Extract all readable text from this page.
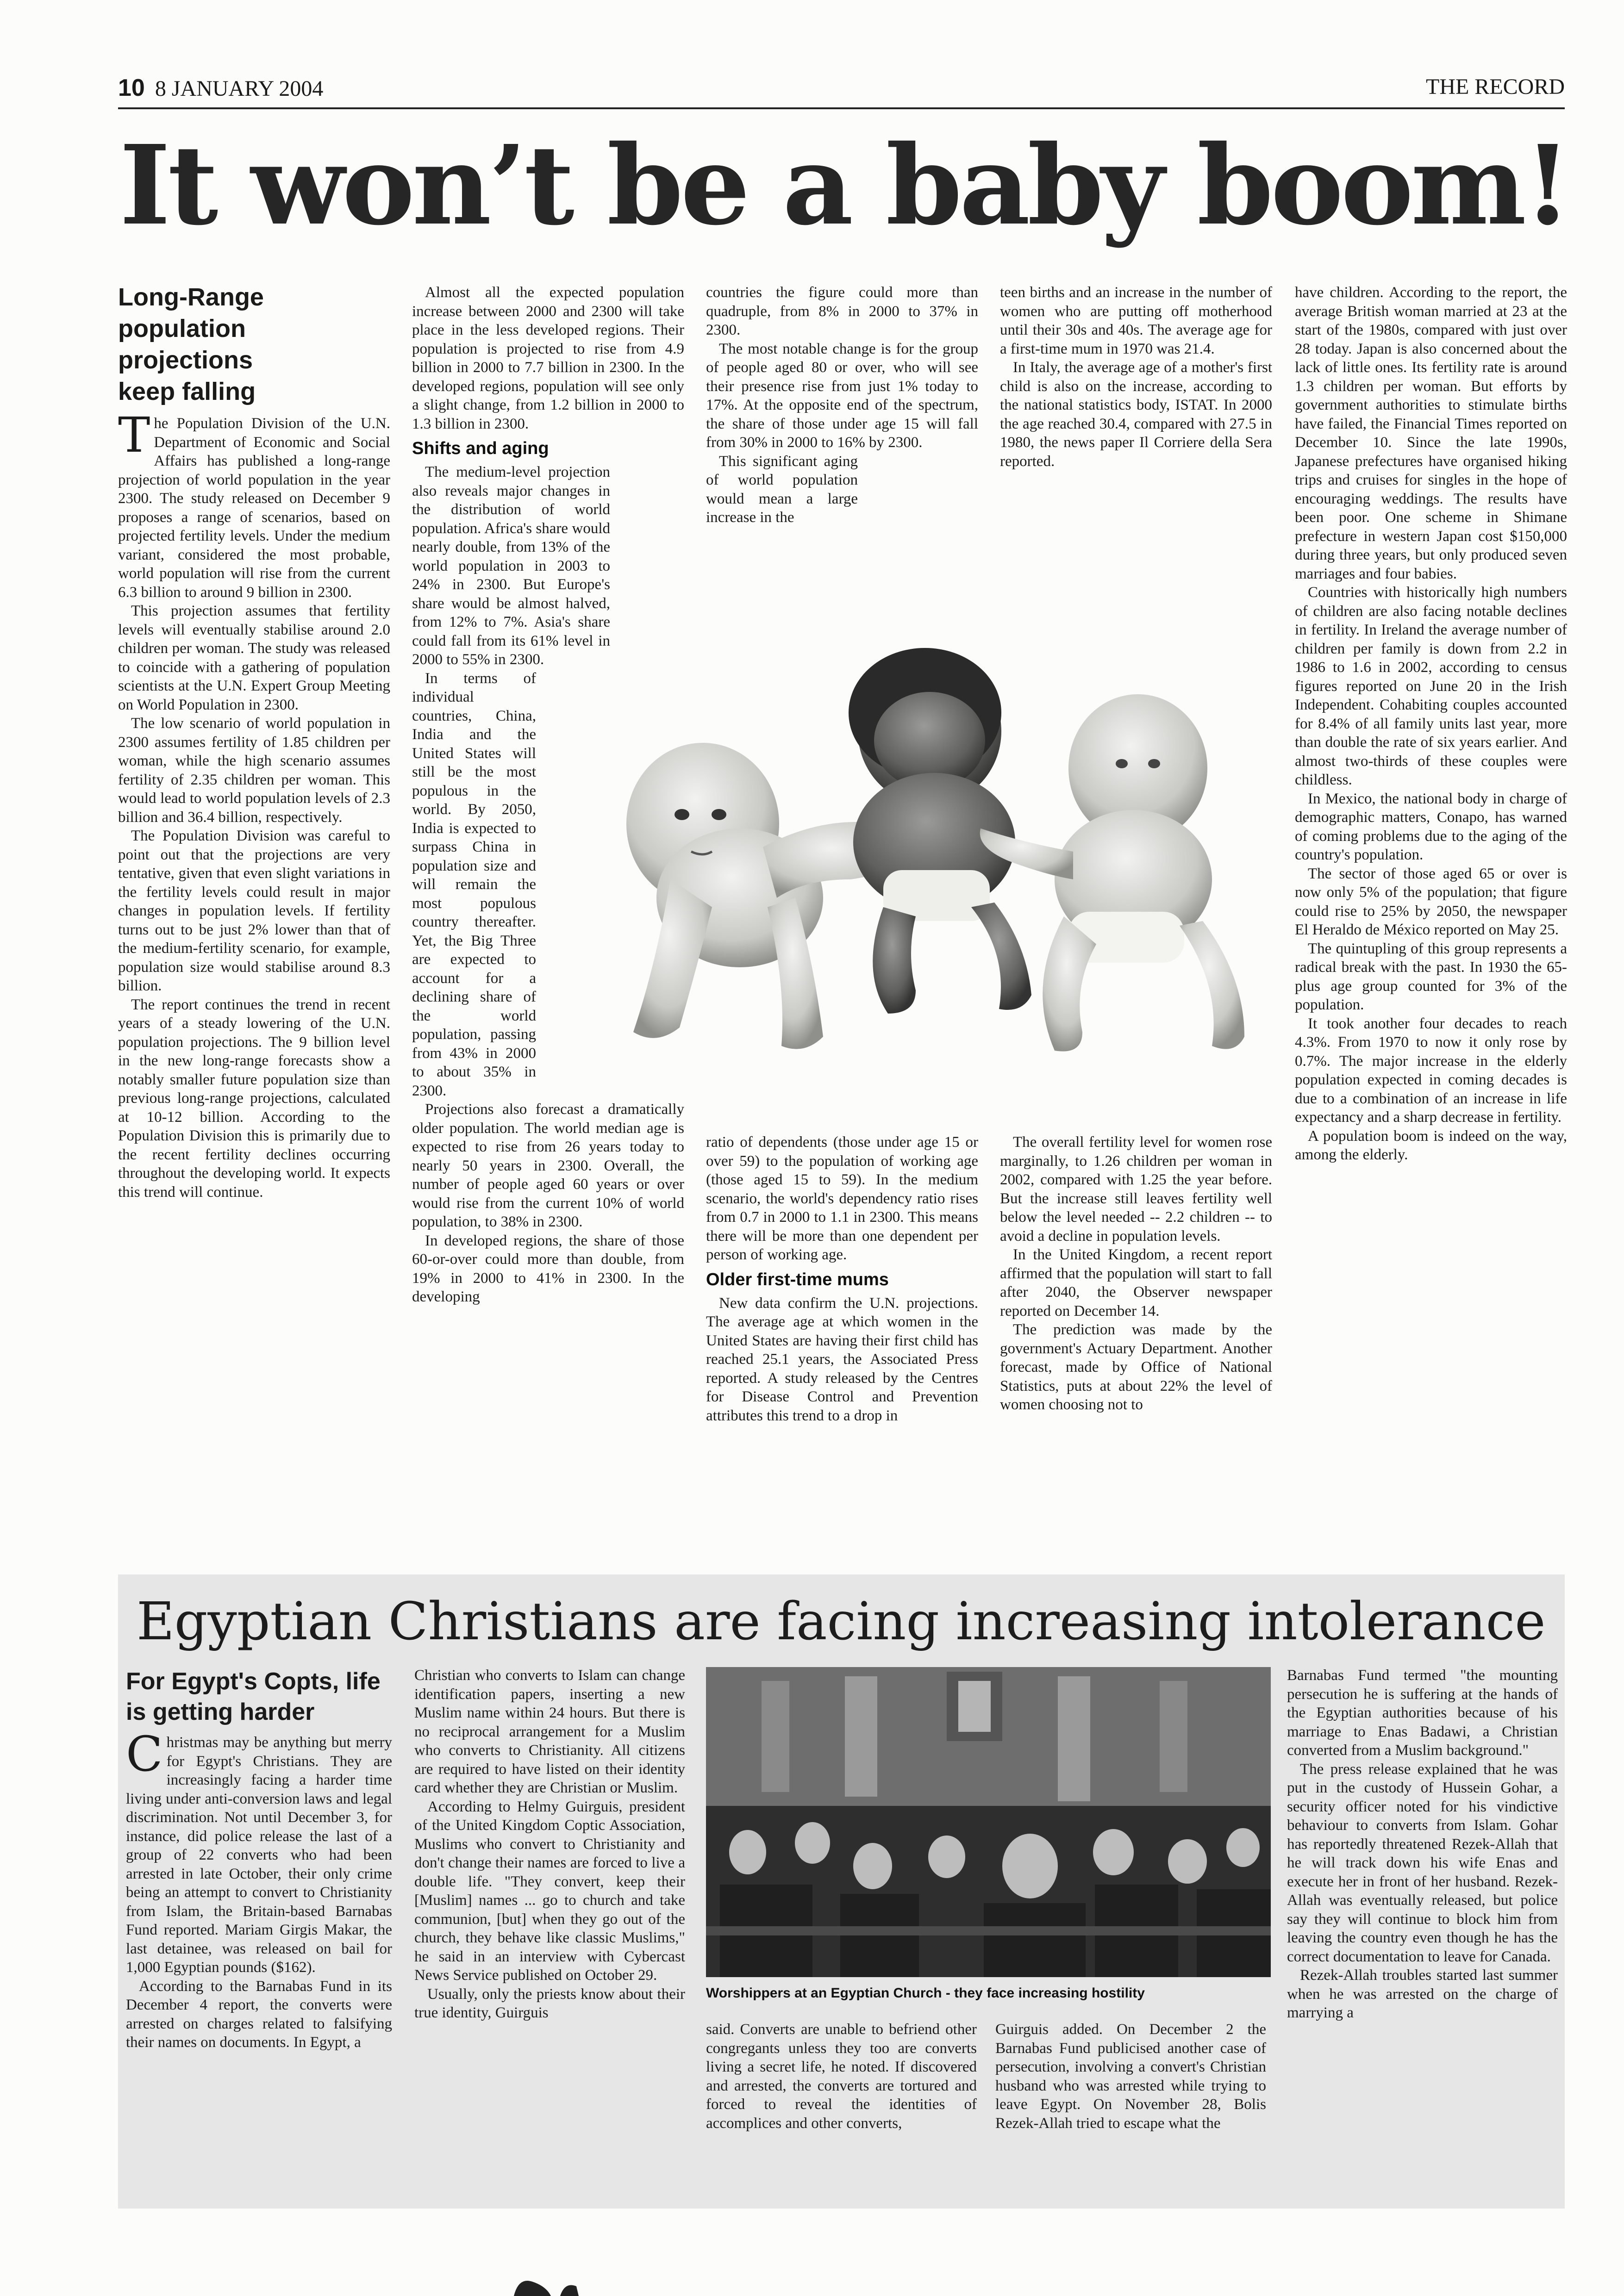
10 8 JANUARY 2004	THE RECORD
It won’t be a baby boom!
Long-Range population projections keep falling

The Population Division of the U.N. Department of Economic and Social Affairs has published a long-range projection of world population in the year 2300. The study released on December 9 proposes a range of scenarios, based on projected fertility levels. Under the medium variant, considered the most probable, world population will rise from the current 6.3 billion to around 9 billion in 2300.

This projection assumes that fertility levels will eventually stabilise around 2.0 children per woman. The study was released to coincide with a gathering of population scientists at the U.N. Expert Group Meeting on World Population in 2300.

The low scenario of world population in 2300 assumes fertility of 1.85 children per woman, while the high scenario assumes fertility of 2.35 children per woman. This would lead to world population levels of 2.3 billion and 36.4 billion, respectively.

The Population Division was careful to point out that the projections are very tentative, given that even slight variations in the fertility levels could result in major changes in population levels. If fertility turns out to be just 2% lower than that of the medium-fertility scenario, for example, population size would stabilise around 8.3 billion.

The report continues the trend in recent years of a steady lowering of the U.N. population projections. The 9 billion level in the new long-range forecasts show a notably smaller future population size than previous long-range projections, calculated at 10-12 billion. According to the Population Division this is primarily due to the recent fertility declines occurring throughout the developing world. It expects this trend will continue.

Almost all the expected population increase between 2000 and 2300 will take place in the less developed regions. Their population is projected to rise from 4.9 billion in 2000 to 7.7 billion in 2300. In the developed regions, population will see only a slight change, from 1.2 billion in 2000 to 1.3 billion in 2300.

Shifts and aging

The medium-level projection also reveals major changes in the distribution of world population. Africa's share would nearly double, from 13% of the world population in 2003 to 24% in 2300. But Europe's share would be almost halved, from 12% to 7%. Asia's share could fall from its 61% level in 2000 to 55% in 2300.

In terms of individual countries, China, India and the United States will still be the most populous in the world. By 2050, India is expected to surpass China in population size and will remain the most populous country thereafter. Yet, the Big Three are expected to account for a declining share of the world population, passing from 43% in 2000 to about 35% in 2300.

Projections also forecast a dramatically older population. The world median age is expected to rise from 26 years today to nearly 50 years in 2300. Overall, the number of people aged 60 years or over would rise from the current 10% of world population, to 38% in 2300.

In developed regions, the share of those 60-or-over could more than double, from 19% in 2000 to 41% in 2300. In the developing

countries the figure could more than quadruple, from 8% in 2000 to 37% in 2300.

The most notable change is for the group of people aged 80 or over, who will see their presence rise from just 1% today to 17%. At the opposite end of the spectrum, the share of those under age 15 will fall from 30% in 2000 to 16% by 2300.

This significant aging of world population would mean a large increase in the

ratio of dependents (those under age 15 or over 59) to the population of working age (those aged 15 to 59). In the medium scenario, the world's dependency ratio rises from 0.7 in 2000 to 1.1 in 2300. This means there will be more than one dependent per person of working age.

Older first-time mums

New data confirm the U.N. projections. The average age at which women in the United States are having their first child has reached 25.1 years, the Associated Press reported. A study released by the Centres for Disease Control and Prevention attributes this trend to a drop in

teen births and an increase in the number of women who are putting off motherhood until their 30s and 40s. The average age for a first-time mum in 1970 was 21.4.

In Italy, the average age of a mother's first child is also on the increase, according to the national statistics body, ISTAT. In 2000 the age reached 30.4, compared with 27.5 in 1980, the news paper Il Corriere della Sera reported.

The overall fertility level for women rose marginally, to 1.26 children per woman in 2002, compared with 1.25 the year before. But the increase still leaves fertility well below the level needed -- 2.2 children -- to avoid a decline in population levels.

In the United Kingdom, a recent report affirmed that the population will start to fall after 2040, the Observer newspaper reported on December 14.

The prediction was made by the government's Actuary Department. Another forecast, made by Office of National Statistics, puts at about 22% the level of women choosing not to

have children. According to the report, the average British woman married at 23 at the start of the 1980s, compared with just over 28 today. Japan is also concerned about the lack of little ones. Its fertility rate is around 1.3 children per woman. But efforts by government authorities to stimulate births have failed, the Financial Times reported on December 10. Since the late 1990s, Japanese prefectures have organised hiking trips and cruises for singles in the hope of encouraging weddings. The results have been poor. One scheme in Shimane prefecture in western Japan cost $150,000 during three years, but only produced seven marriages and four babies.

Countries with historically high numbers of children are also facing notable declines in fertility. In Ireland the average number of children per family is down from 2.2 in 1986 to 1.6 in 2002, according to census figures reported on June 20 in the Irish Independent. Cohabiting couples accounted for 8.4% of all family units last year, more than double the rate of six years earlier. And almost two-thirds of these couples were childless.

In Mexico, the national body in charge of demographic matters, Conapo, has warned of coming problems due to the aging of the country's population.

The sector of those aged 65 or over is now only 5% of the population; that figure could rise to 25% by 2050, the newspaper El Heraldo de México reported on May 25.

The quintupling of this group represents a radical break with the past. In 1930 the 65-plus age group counted for 3% of the population.

It took another four decades to reach 4.3%. From 1970 to now it only rose by 0.7%. The major increase in the elderly population expected in coming decades is due to a combination of an increase in life expectancy and a sharp decrease in fertility.

A population boom is indeed on the way, among the elderly.

Egyptian Christians are facing increasing intolerance
For Egypt's Copts, life is getting harder

Christmas may be anything but merry for Egypt's Christians. They are increasingly facing a harder time living under anti-conversion laws and legal discrimination. Not until December 3, for instance, did police release the last of a group of 22 converts who had been arrested in late October, their only crime being an attempt to convert to Christianity from Islam, the Britain-based Barnabas Fund reported. Mariam Girgis Makar, the last detainee, was released on bail for 1,000 Egyptian pounds ($162).

According to the Barnabas Fund in its December 4 report, the converts were arrested on charges related to falsifying their names on documents. In Egypt, a

Christian who converts to Islam can change identification papers, inserting a new Muslim name within 24 hours. But there is no reciprocal arrangement for a Muslim who converts to Christianity. All citizens are required to have listed on their identity card whether they are Christian or Muslim.

According to Helmy Guirguis, president of the United Kingdom Coptic Association, Muslims who convert to Christianity and don't change their names are forced to live a double life. "They convert, keep their [Muslim] names ... go to church and take communion, [but] when they go out of the church, they behave like classic Muslims," he said in an interview with Cybercast News Service published on October 29.

Usually, only the priests know about their true identity, Guirguis

Worshippers at an Egyptian Church - they face increasing hostility

said. Converts are unable to befriend other congregants unless they too are converts living a secret life, he noted. If discovered and arrested, the converts are tortured and forced to reveal the identities of accomplices and other converts,

Guirguis added. On December 2 the Barnabas Fund publicised another case of persecution, involving a convert's Christian husband who was arrested while trying to leave Egypt. On November 28, Bolis Rezek-Allah tried to escape what the

Barnabas Fund termed "the mounting persecution he is suffering at the hands of the Egyptian authorities because of his marriage to Enas Badawi, a Christian converted from a Muslim background."

The press release explained that he was put in the custody of Hussein Gohar, a security officer noted for his vindictive behaviour to converts from Islam. Gohar has reportedly threatened Rezek-Allah that he will track down his wife Enas and execute her in front of her husband. Rezek-Allah was eventually released, but police say they will continue to block him from leaving the country even though he has the correct documentation to leave for Canada.

Rezek-Allah troubles started last summer when he was arrested on the charge of marrying a
